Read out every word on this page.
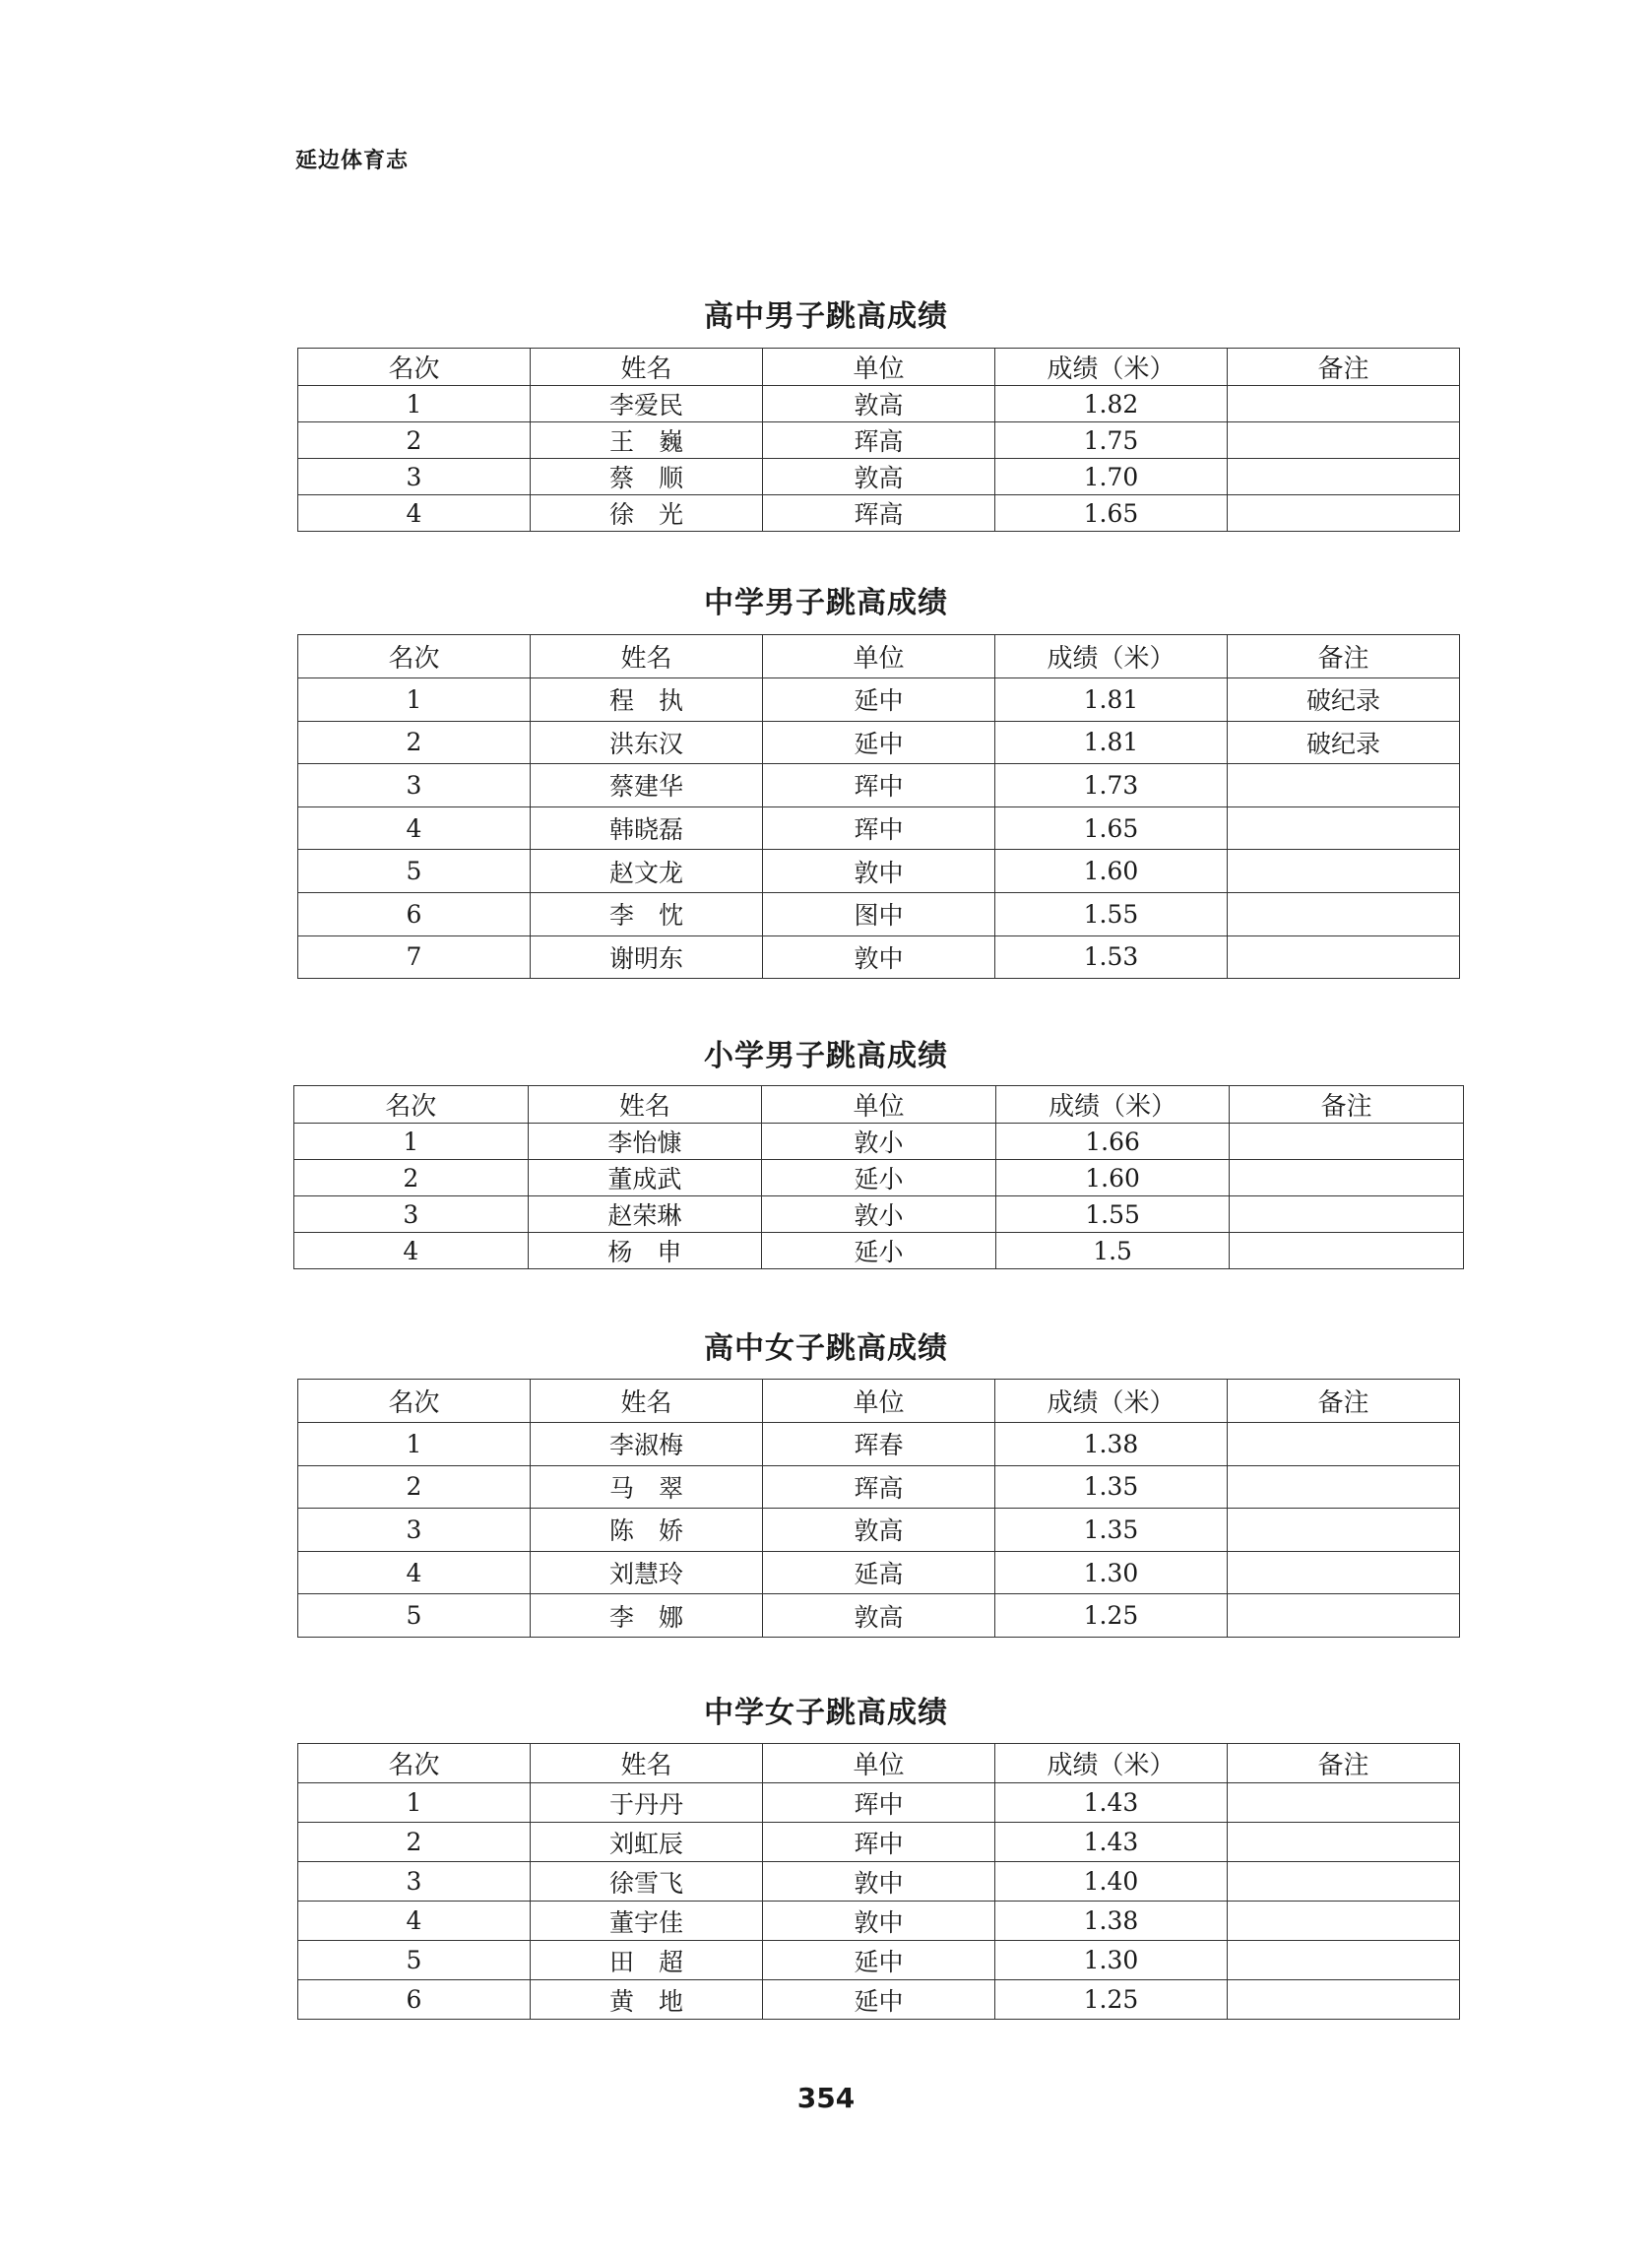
延边体育志
高中男子跳高成绩
名次	姓名	单位	成绩（米）	备注
1	李爱民	敦高	1.82	
2	王　巍	珲高	1.75	
3	蔡　顺	敦高	1.70	
4	徐　光	珲高	1.65	
中学男子跳高成绩
名次	姓名	单位	成绩（米）	备注
1	程　执	延中	1.81	破纪录
2	洪东汉	延中	1.81	破纪录
3	蔡建华	珲中	1.73	
4	韩晓磊	珲中	1.65	
5	赵文龙	敦中	1.60	
6	李　忱	图中	1.55	
7	谢明东	敦中	1.53	
小学男子跳高成绩
名次	姓名	单位	成绩（米）	备注
1	李怡慷	敦小	1.66	
2	董成武	延小	1.60	
3	赵荣琳	敦小	1.55	
4	杨　申	延小	1.5	
高中女子跳高成绩
名次	姓名	单位	成绩（米）	备注
1	李淑梅	珲春	1.38	
2	马　翠	珲高	1.35	
3	陈　娇	敦高	1.35	
4	刘慧玲	延高	1.30	
5	李　娜	敦高	1.25	
中学女子跳高成绩
名次	姓名	单位	成绩（米）	备注
1	于丹丹	珲中	1.43	
2	刘虹辰	珲中	1.43	
3	徐雪飞	敦中	1.40	
4	董宇佳	敦中	1.38	
5	田　超	延中	1.30	
6	黄　地	延中	1.25	
354
